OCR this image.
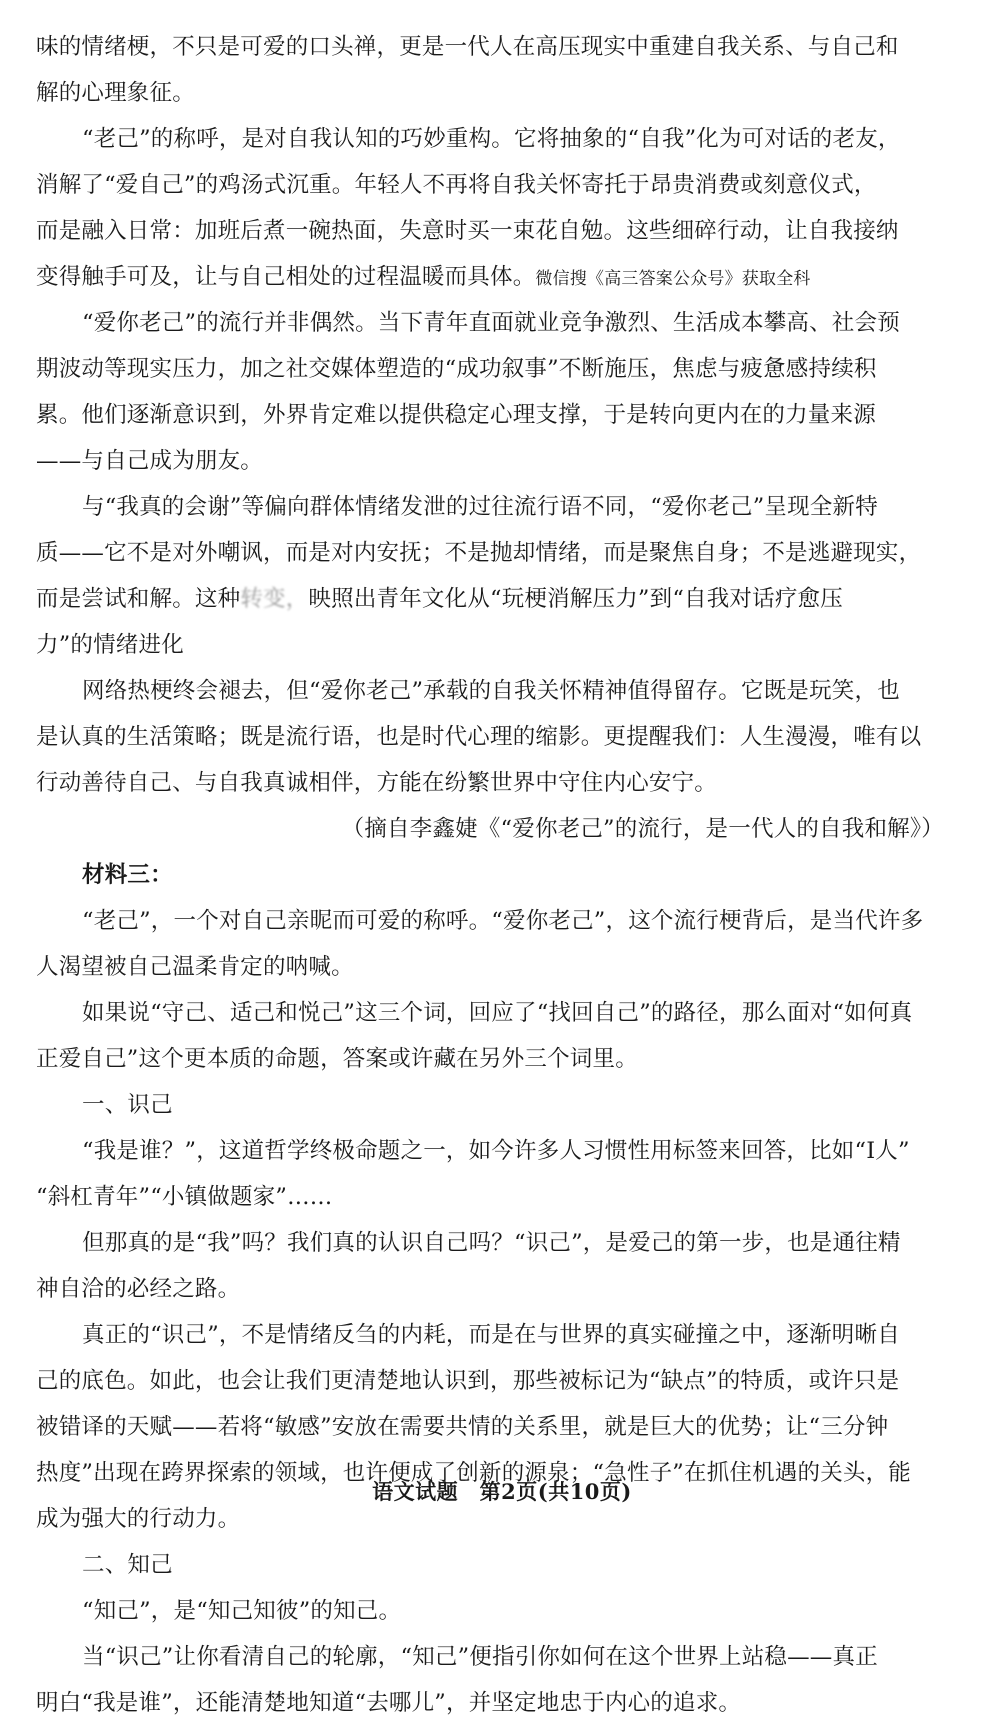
味的情绪梗，不只是可爱的口头禅，更是一代人在高压现实中重建自我关系、与自己和
解的心理象征。
“老己”的称呼，是对自我认知的巧妙重构。它将抽象的“自我”化为可对话的老友，
消解了“爱自己”的鸡汤式沉重。年轻人不再将自我关怀寄托于昂贵消费或刻意仪式，
而是融入日常：加班后煮一碗热面，失意时买一束花自勉。这些细碎行动，让自我接纳
变得触手可及，让与自己相处的过程温暖而具体。微信搜《高三答案公众号》获取全科
“爱你老己”的流行并非偶然。当下青年直面就业竞争激烈、生活成本攀高、社会预
期波动等现实压力，加之社交媒体塑造的“成功叙事”不断施压，焦虑与疲惫感持续积
累。他们逐渐意识到，外界肯定难以提供稳定心理支撑，于是转向更内在的力量来源
——与自己成为朋友。
与“我真的会谢”等偏向群体情绪发泄的过往流行语不同，“爱你老己”呈现全新特
质——它不是对外嘲讽，而是对内安抚；不是抛却情绪，而是聚焦自身；不是逃避现实，
而是尝试和解。这种转变，映照出青年文化从“玩梗消解压力”到“自我对话疗愈压
力”的情绪进化
网络热梗终会褪去，但“爱你老己”承载的自我关怀精神值得留存。它既是玩笑，也
是认真的生活策略；既是流行语，也是时代心理的缩影。更提醒我们：人生漫漫，唯有以
行动善待自己、与自我真诚相伴，方能在纷繁世界中守住内心安宁。
（摘自李鑫婕《“爱你老己”的流行，是一代人的自我和解》）
材料三：
“老己”，一个对自己亲昵而可爱的称呼。“爱你老己”，这个流行梗背后，是当代许多
人渴望被自己温柔肯定的呐喊。
如果说“守己、适己和悦己”这三个词，回应了“找回自己”的路径，那么面对“如何真
正爱自己”这个更本质的命题，答案或许藏在另外三个词里。
一、识己
“我是谁？”，这道哲学终极命题之一，如今许多人习惯性用标签来回答，比如“I人”
“斜杠青年”“小镇做题家”……
但那真的是“我”吗？我们真的认识自己吗？“识己”，是爱己的第一步，也是通往精
神自洽的必经之路。
真正的“识己”，不是情绪反刍的内耗，而是在与世界的真实碰撞之中，逐渐明晰自
己的底色。如此，也会让我们更清楚地认识到，那些被标记为“缺点”的特质，或许只是
被错译的天赋——若将“敏感”安放在需要共情的关系里，就是巨大的优势；让“三分钟
热度”出现在跨界探索的领域，也许便成了创新的源泉；“急性子”在抓住机遇的关头，能
成为强大的行动力。
二、知己
“知己”，是“知己知彼”的知己。
当“识己”让你看清自己的轮廓，“知己”便指引你如何在这个世界上站稳——真正
明白“我是谁”，还能清楚地知道“去哪儿”，并坚定地忠于内心的追求。
语文试题　第2页(共10页)
